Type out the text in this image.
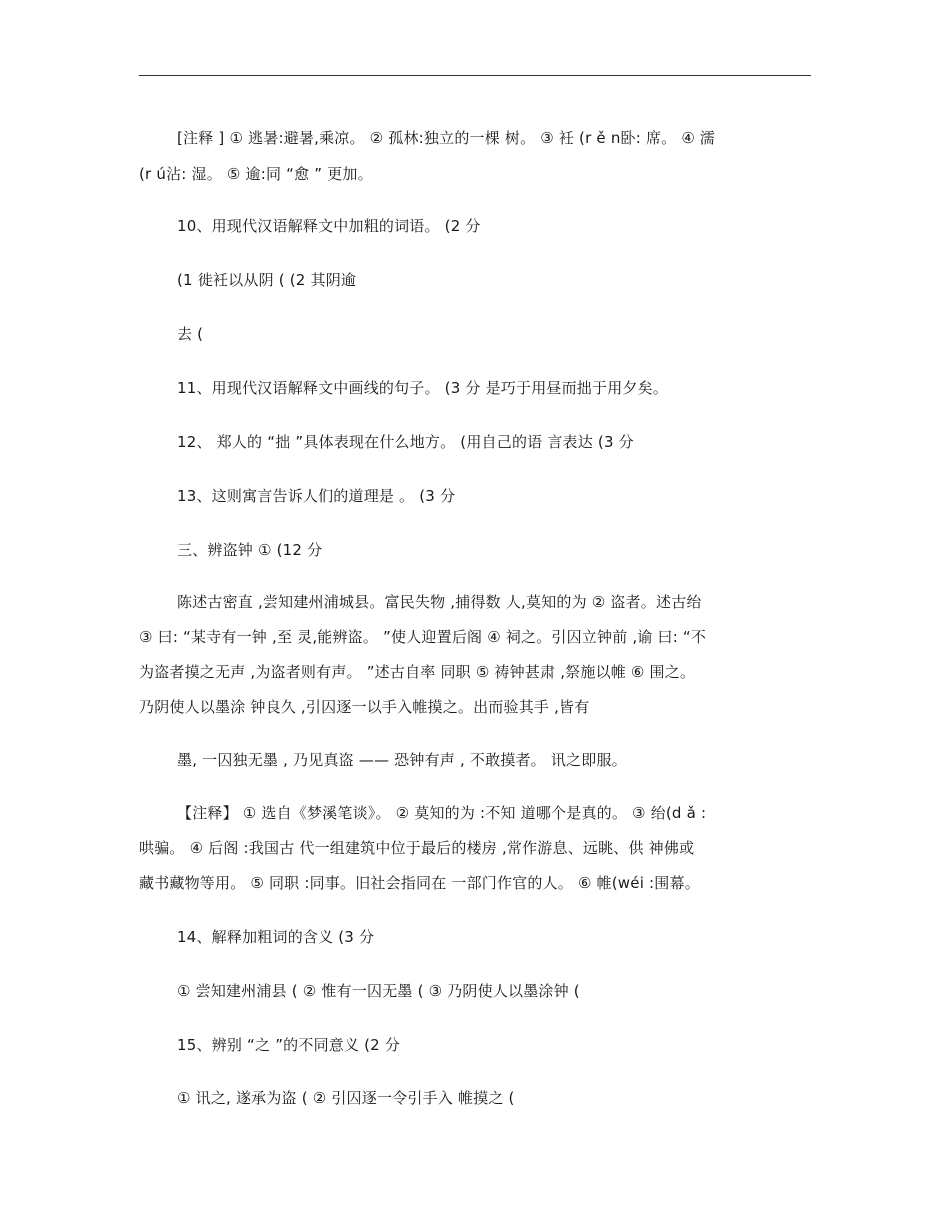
[注释 ] ① 逃暑:避暑,乘凉。 ② 孤林:独立的一棵 树。 ③ 衽 (r ě n卧: 席。 ④ 濡
(r ú沾: 湿。 ⑤ 逾:同 “愈 ” 更加。
10、用现代汉语解释文中加粗的词语。 (2 分
(1 徙衽以从阴 ( (2 其阴逾
去 (
11、用现代汉语解释文中画线的句子。 (3 分 是巧于用昼而拙于用夕矣。
12、 郑人的 “拙 ”具体表现在什么地方。 (用自己的语 言表达 (3 分
13、这则寓言告诉人们的道理是 。 (3 分
三、辨盗钟 ① (12 分
陈述古密直 ,尝知建州浦城县。富民失物 ,捕得数 人,莫知的为 ② 盗者。述古绐
③ 曰: “某寺有一钟 ,至 灵,能辨盗。 ”使人迎置后阁 ④ 祠之。引囚立钟前 ,谕 曰: “不
为盗者摸之无声 ,为盗者则有声。 ”述古自率 同职 ⑤ 祷钟甚肃 ,祭施以帷 ⑥ 围之。
乃阴使人以墨涂 钟良久 ,引囚逐一以手入帷摸之。出而验其手 ,皆有
墨, 一囚独无墨 , 乃见真盗 —— 恐钟有声 , 不敢摸者。 讯之即服。
【注释】 ① 选自《梦溪笔谈》。 ② 莫知的为 :不知 道哪个是真的。 ③ 绐(d ǎ :
哄骗。 ④ 后阁 :我国古 代一组建筑中位于最后的楼房 ,常作游息、远眺、供 神佛或
藏书藏物等用。 ⑤ 同职 :同事。旧社会指同在 一部门作官的人。 ⑥ 帷(wéi :围幕。
14、解释加粗词的含义 (3 分
① 尝知建州浦县 ( ② 惟有一囚无墨 ( ③ 乃阴使人以墨涂钟 (
15、辨别 “之 ”的不同意义 (2 分
① 讯之, 遂承为盗 ( ② 引囚逐一令引手入 帷摸之 (
